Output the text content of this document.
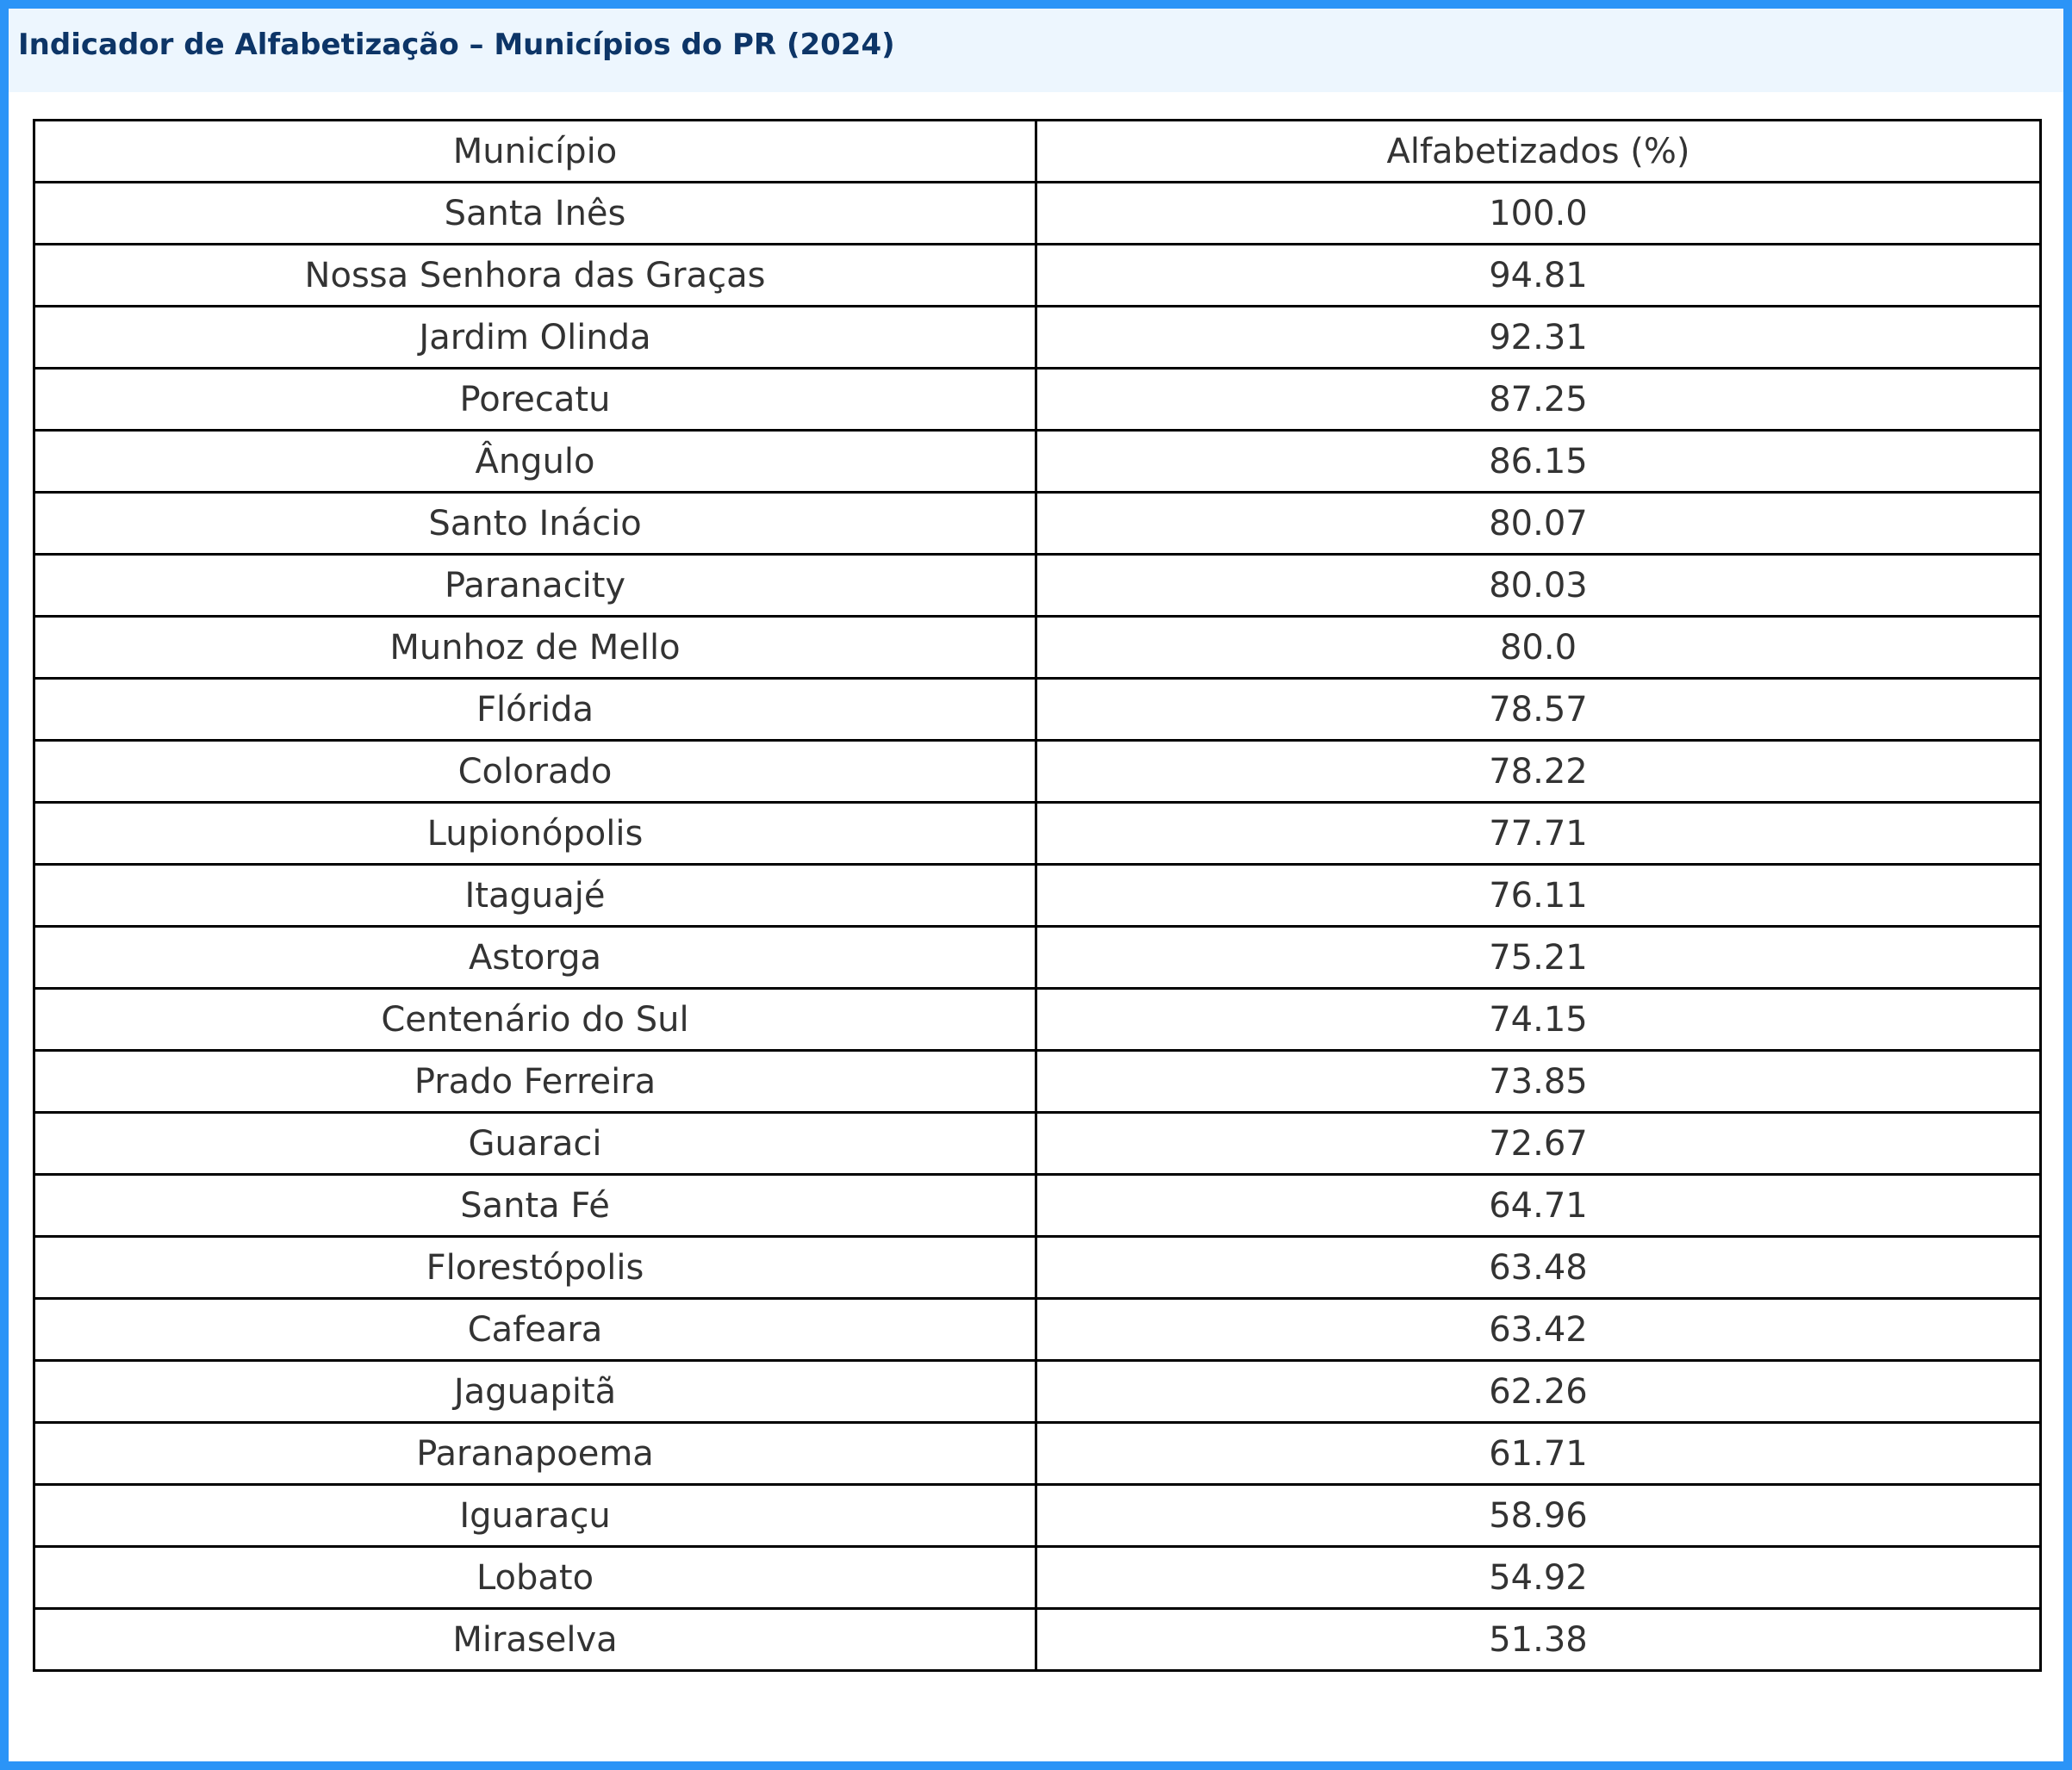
Indicador de Alfabetização – Municípios do PR (2024)
Município	Alfabetizados (%)
Santa Inês	100.0
Nossa Senhora das Graças	94.81
Jardim Olinda	92.31
Porecatu	87.25
Ângulo	86.15
Santo Inácio	80.07
Paranacity	80.03
Munhoz de Mello	80.0
Flórida	78.57
Colorado	78.22
Lupionópolis	77.71
Itaguajé	76.11
Astorga	75.21
Centenário do Sul	74.15
Prado Ferreira	73.85
Guaraci	72.67
Santa Fé	64.71
Florestópolis	63.48
Cafeara	63.42
Jaguapitã	62.26
Paranapoema	61.71
Iguaraçu	58.96
Lobato	54.92
Miraselva	51.38
